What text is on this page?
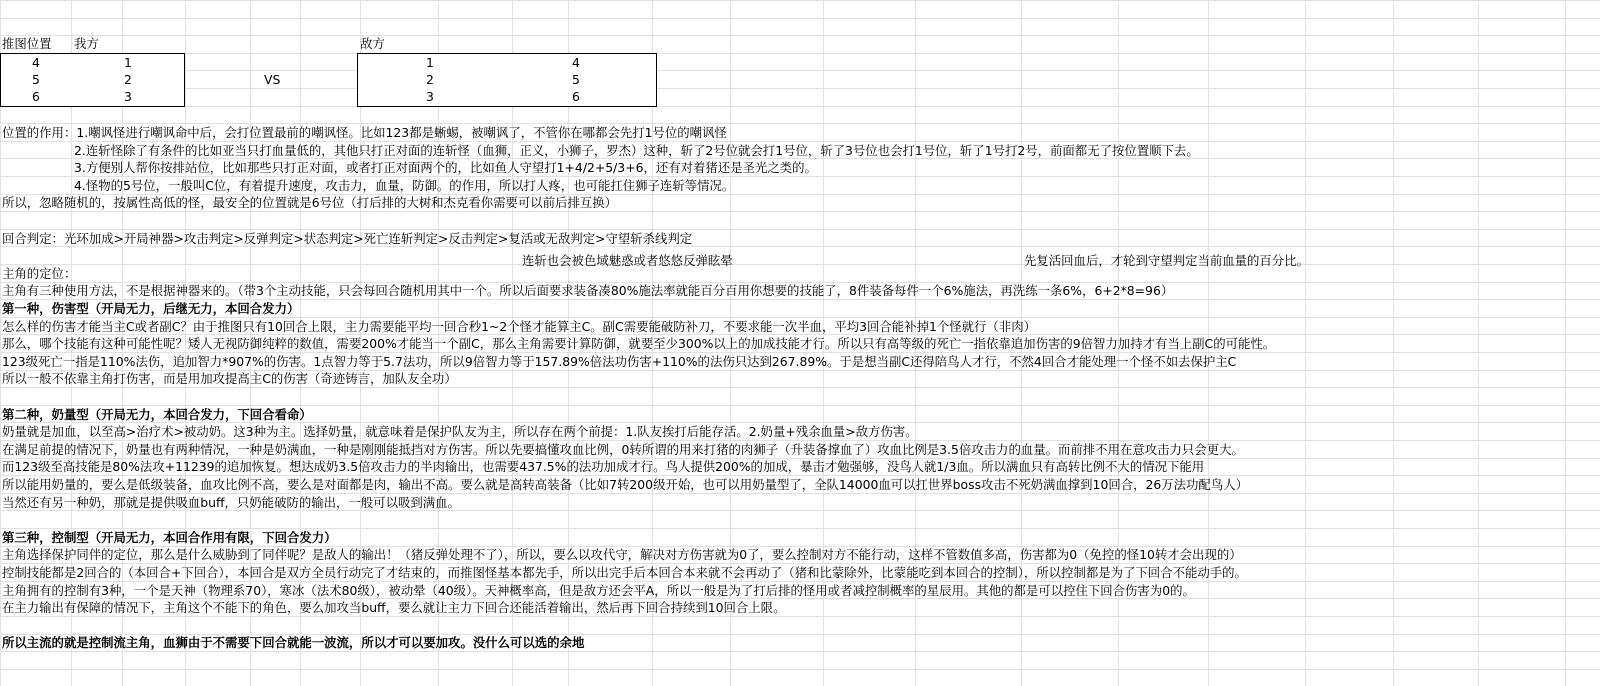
推图位置 我方	敌方
4	1
5	2
6	3
VS
1	4
2	5
3	6
位置的作用：1.嘲讽怪进行嘲讽命中后，会打位置最前的嘲讽怪。比如123都是蜥蜴，被嘲讽了，不管你在哪都会先打1号位的嘲讽怪
2.连斩怪除了有条件的比如亚当只打血量低的，其他只打正对面的连斩怪（血狮，正义，小狮子，罗杰）这种，斩了2号位就会打1号位，斩了3号位也会打1号位，斩了1号打2号，前面都无了按位置顺下去。
3.方便别人帮你按排站位，比如那些只打正对面，或者打正对面两个的，比如鱼人守望打1+4/2+5/3+6，还有对着猪还是圣光之类的。
4.怪物的5号位，一般叫C位，有着提升速度，攻击力，血量，防御。的作用，所以打人疼，也可能扛住狮子连斩等情况。
所以，忽略随机的，按属性高低的怪，最安全的位置就是6号位（打后排的大树和杰克看你需要可以前后排互换）
回合判定：光环加成>开局神器>攻击判定>反弹判定>状态判定>死亡连斩判定>反击判定>复活或无敌判定>守望斩杀线判定
主角的定位：
主角有三种使用方法，不是根据神器来的。（带3个主动技能，只会每回合随机用其中一个。所以后面要求装备凑80%施法率就能百分百用你想要的技能了，8件装备每件一个6%施法，再洗练一条6%，6+2*8=96）
第一种，伤害型（开局无力，后继无力，本回合发力）
怎么样的伤害才能当主C或者副C？由于推图只有10回合上限，主力需要能平均一回合秒1~2个怪才能算主C。副C需要能破防补刀，不要求能一次半血，平均3回合能补掉1个怪就行（非肉）
那么，哪个技能有这种可能性呢？矮人无视防御纯粹的数值，需要200%才能当一个副C，那么主角需要计算防御，就要至少300%以上的加成技能才行。所以只有高等级的死亡一指依靠追加伤害的9倍智力加持才有当上副C的可能性。
123级死亡一指是110%法伤，追加智力*907%的伤害。1点智力等于5.7法功，所以9倍智力等于157.89%倍法功伤害+110%的法伤只达到267.89%。于是想当副C还得陪鸟人才行，不然4回合才能处理一个怪不如去保护主C
所以一般不依靠主角打伤害，而是用加攻提高主C的伤害（奇迹铸言，加队友全功）
第二种，奶量型（开局无力，本回合发力，下回合看命）
奶量就是加血，以至高>治疗术>被动奶。这3种为主。选择奶量，就意味着是保护队友为主，所以存在两个前提：1.队友挨打后能存活。2.奶量+残余血量>敌方伤害。
在满足前提的情况下，奶量也有两种情况，一种是奶满血，一种是刚刚能抵挡对方伤害。所以先要搞懂攻血比例，0转所谓的用来打猪的肉狮子（升装备撑血了）攻血比例是3.5倍攻击力的血量。而前排不用在意攻击力只会更大。
而123级至高技能是80%法攻+11239的追加恢复。想达成奶3.5倍攻击力的半肉输出，也需要437.5%的法功加成才行。鸟人提供200%的加成，暴击才勉强够，没鸟人就1/3血。所以满血只有高转比例不大的情况下能用
所以能用奶量的，要么是低级装备，血攻比例不高，要么是对面都是肉，输出不高。要么就是高转高装备（比如7转200级开始，也可以用奶量型了，全队14000血可以扛世界boss攻击不死奶满血撑到10回合，26万法功配鸟人）
当然还有另一种奶，那就是提供吸血buff，只奶能破防的输出，一般可以吸到满血。
第三种，控制型（开局无力，本回合作用有限，下回合发力）
主角选择保护同伴的定位，那么是什么威胁到了同伴呢？是敌人的输出！（猪反弹处理不了），所以，要么以攻代守，解决对方伤害就为0了，要么控制对方不能行动，这样不管数值多高，伤害都为0（免控的怪10转才会出现的）
控制技能都是2回合的（本回合+下回合），本回合是双方全员行动完了才结束的，而推图怪基本都先手，所以出完手后本回合本来就不会再动了（猪和比蒙除外，比蒙能吃到本回合的控制），所以控制都是为了下回合不能动手的。
主角拥有的控制有3种，一个是天神（物理系70），寒冰（法术80级），被动晕（40级）。天神概率高，但是敌方还会平A，所以一般是为了打后排的怪用或者减控制概率的星辰用。其他的都是可以控住下回合伤害为0的。
在主力输出有保障的情况下，主角这个不能下的角色，要么加攻当buff，要么就让主力下回合还能活着输出，然后再下回合持续到10回合上限。
所以主流的就是控制流主角，血狮由于不需要下回合就能一波流，所以才可以要加攻。没什么可以选的余地
连斩也会被色域魅惑或者悠悠反弹眩晕	先复活回血后，才轮到守望判定当前血量的百分比。
